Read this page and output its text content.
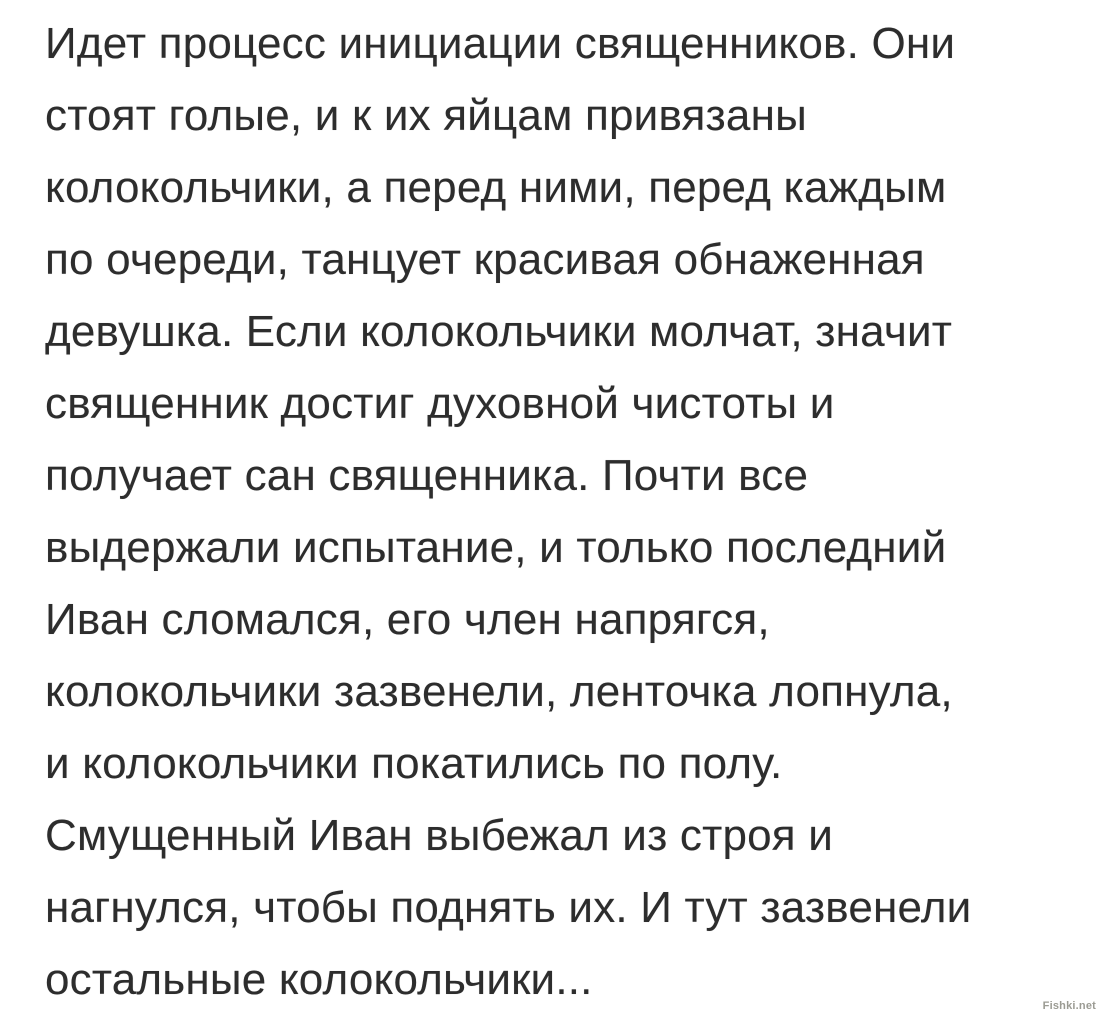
Идет процесс инициации священников. Они
стоят голые, и к их яйцам привязаны
колокольчики, а перед ними, перед каждым
по очереди, танцует красивая обнаженная
девушка. Если колокольчики молчат, значит
священник достиг духовной чистоты и
получает сан священника. Почти все
выдержали испытание, и только последний
Иван сломался, его член напрягся,
колокольчики зазвенели, ленточка лопнула,
и колокольчики покатились по полу.
Смущенный Иван выбежал из строя и
нагнулся, чтобы поднять их. И тут зазвенели
остальные колокольчики...
Fishki.net
